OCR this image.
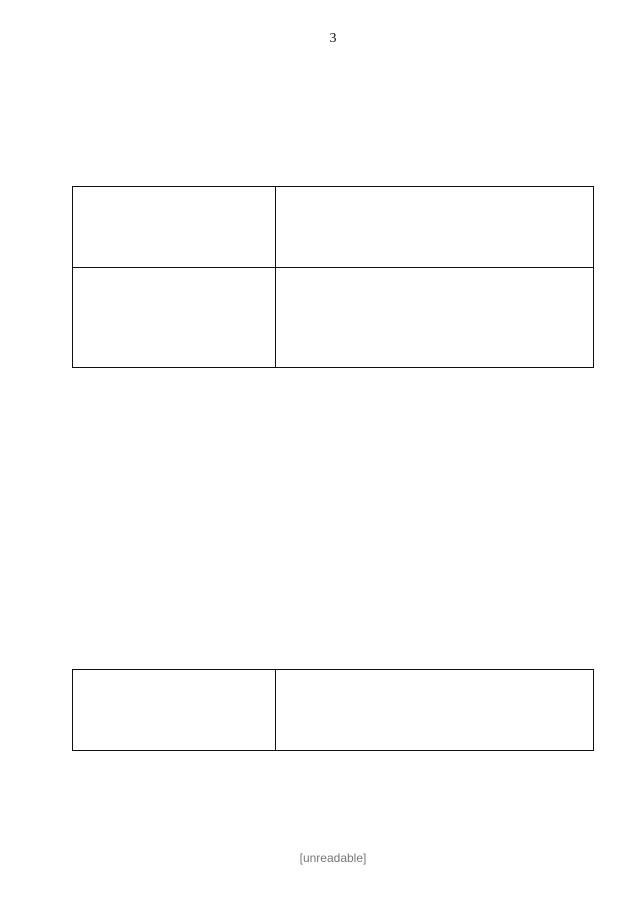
3

[unreadable]
